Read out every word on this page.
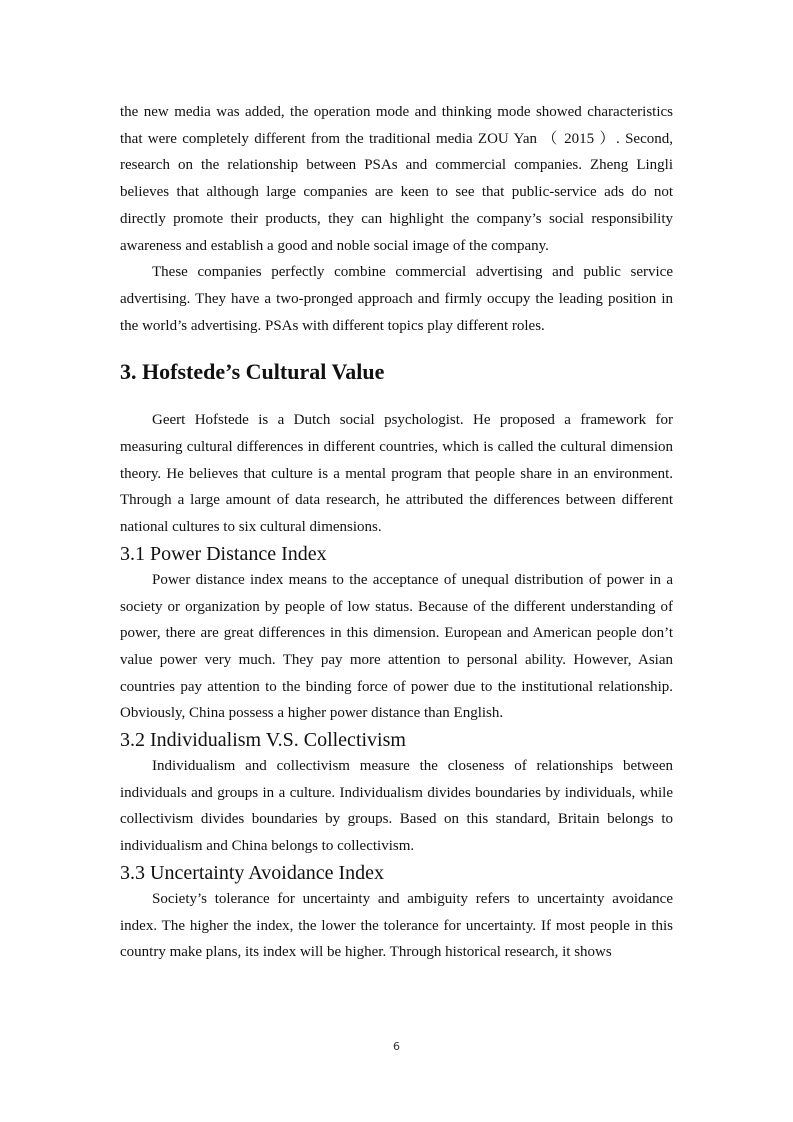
the new media was added, the operation mode and thinking mode showed characteristics that were completely different from the traditional media ZOU Yan （ 2015 ）. Second, research on the relationship between PSAs and commercial companies. Zheng Lingli believes that although large companies are keen to see that public-service ads do not directly promote their products, they can highlight the company’s social responsibility awareness and establish a good and noble social image of the company.

These companies perfectly combine commercial advertising and public service advertising. They have a two-pronged approach and firmly occupy the leading position in the world’s advertising. PSAs with different topics play different roles.

3. Hofstede’s Cultural Value

Geert Hofstede is a Dutch social psychologist. He proposed a framework for measuring cultural differences in different countries, which is called the cultural dimension theory. He believes that culture is a mental program that people share in an environment. Through a large amount of data research, he attributed the differences between different national cultures to six cultural dimensions.

3.1 Power Distance Index

Power distance index means to the acceptance of unequal distribution of power in a society or organization by people of low status. Because of the different understanding of power, there are great differences in this dimension. European and American people don’t value power very much. They pay more attention to personal ability. However, Asian countries pay attention to the binding force of power due to the institutional relationship. Obviously, China possess a higher power distance than English.

3.2 Individualism V.S. Collectivism

Individualism and collectivism measure the closeness of relationships between individuals and groups in a culture. Individualism divides boundaries by individuals, while collectivism divides boundaries by groups. Based on this standard, Britain belongs to individualism and China belongs to collectivism.

3.3 Uncertainty Avoidance Index

Society’s tolerance for uncertainty and ambiguity refers to uncertainty avoidance index. The higher the index, the lower the tolerance for uncertainty. If most people in this country make plans, its index will be higher. Through historical research, it shows

6
